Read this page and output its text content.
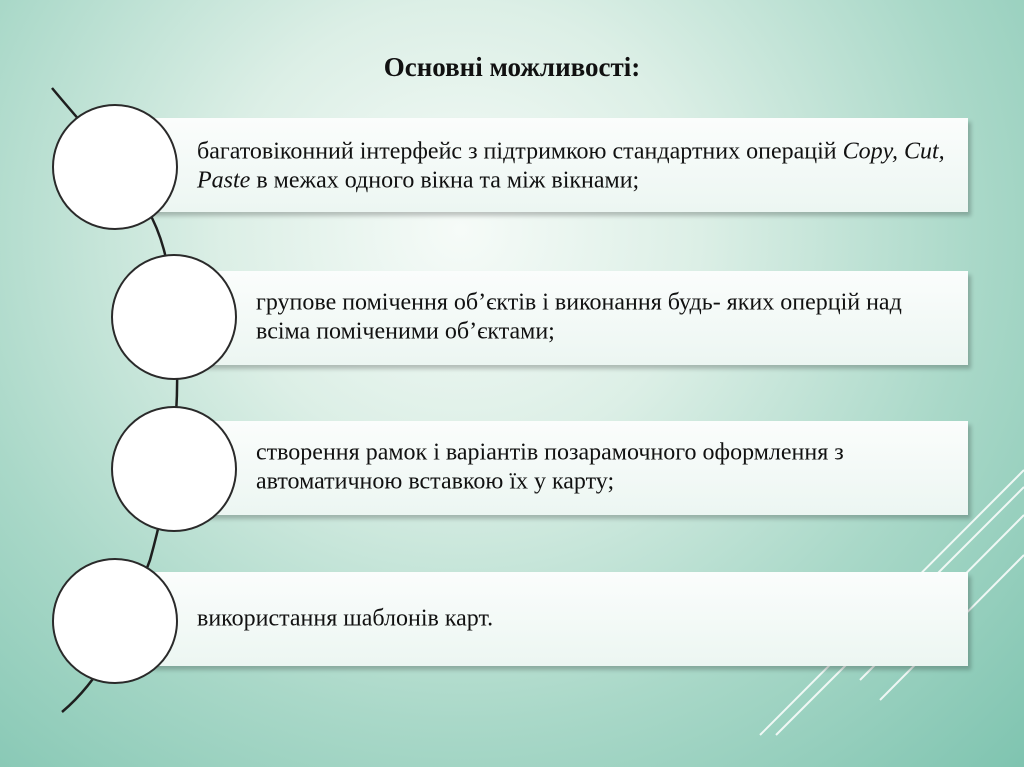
Основні можливості:
багатовіконний інтерфейс з підтримкою стандартних операцій Copy, Cut, Paste в межах одного вікна та між вікнами;
групове помічення об’єктів і виконання будь- яких оперцій над всіма поміченими об’єктами;
створення рамок і варіантів позарамочного оформлення з автоматичною вставкою їх у карту;
використання шаблонів карт.
